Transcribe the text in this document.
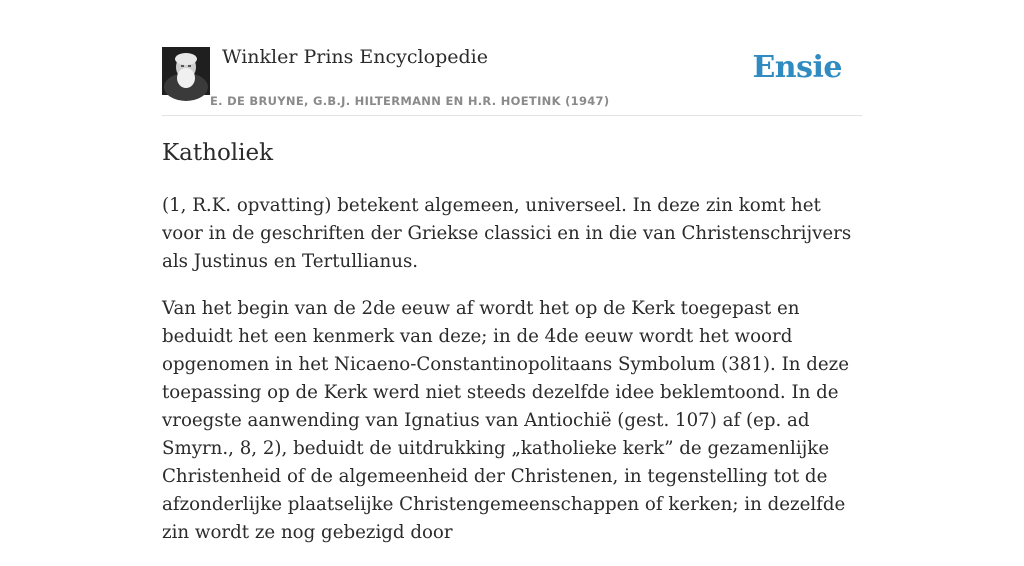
Winkler Prins Encyclopedie
E. DE BRUYNE, G.B.J. HILTERMANN EN H.R. HOETINK (1947)
Ensie
Katholiek

(1, R.K. opvatting) betekent algemeen, universeel. In deze zin komt het voor in de geschriften der Griekse classici en in die van Christenschrijvers als Justinus en Tertullianus.

Van het begin van de 2de eeuw af wordt het op de Kerk toegepast en beduidt het een kenmerk van deze; in de 4de eeuw wordt het woord opgenomen in het Nicaeno-Constantinopolitaans Symbolum (381). In deze toepassing op de Kerk werd niet steeds dezelfde idee beklemtoond. In de vroegste aanwending van Ignatius van Antiochië (gest. 107) af (ep. ad Smyrn., 8, 2), beduidt de uitdrukking „katholieke kerk” de gezamenlijke Christenheid of de algemeenheid der Christenen, in tegenstelling tot de afzonderlijke plaatselijke Christengemeenschappen of kerken; in dezelfde zin wordt ze nog gebezigd door
